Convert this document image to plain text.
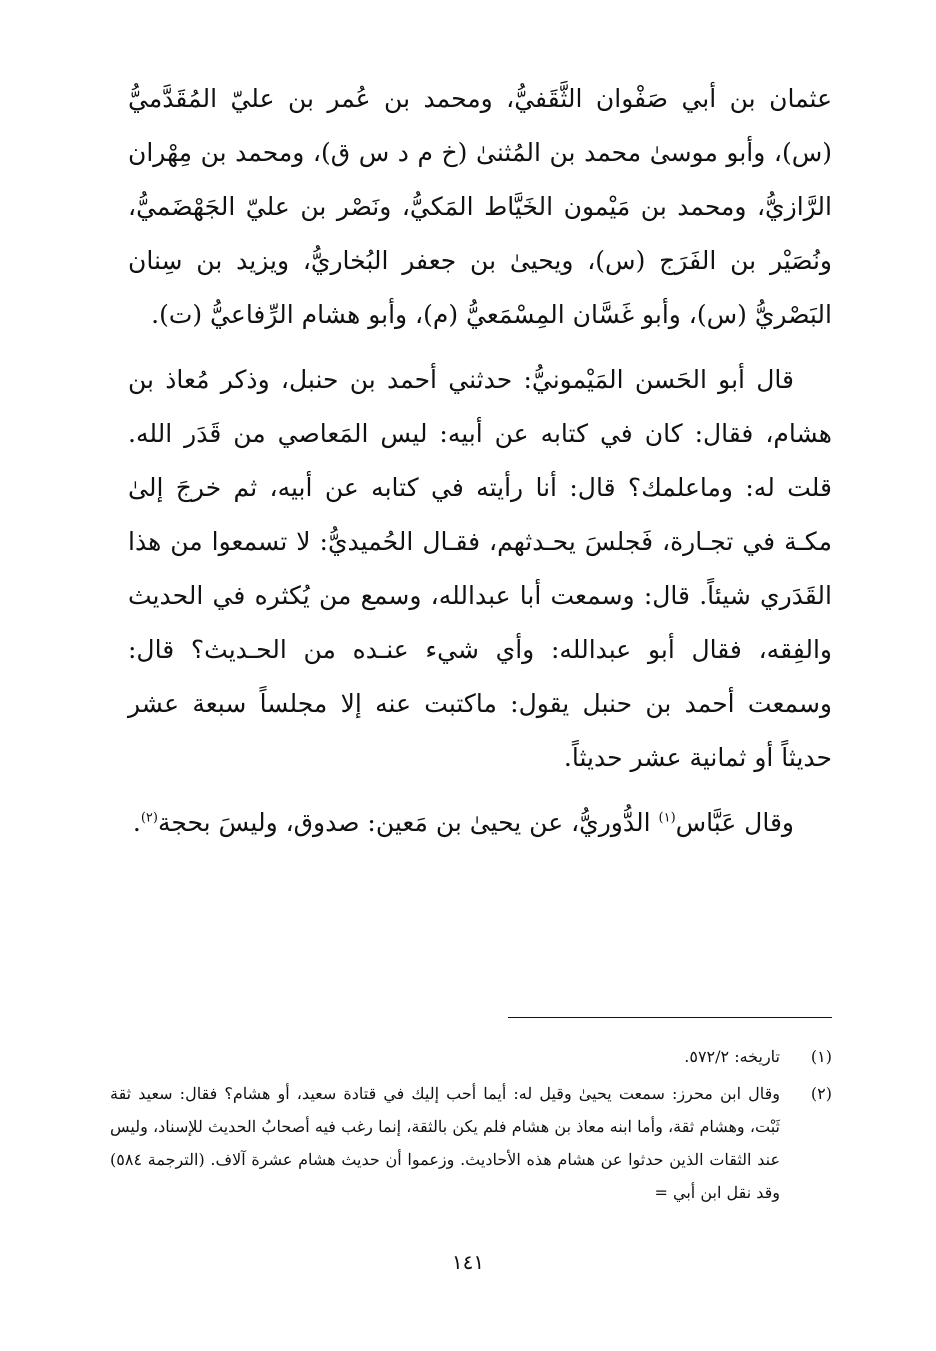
عثمان بن أبي صَفْوان الثَّقَفيُّ، ومحمد بن عُمر بن عليّ المُقَدَّميُّ (س)، وأبو موسىٰ محمد بن المُثنىٰ (خ م د س ق)، ومحمد بن مِهْران الرَّازيُّ، ومحمد بن مَيْمون الخَيَّاط المَكيُّ، ونَصْر بن عليّ الجَهْضَميُّ، ونُصَيْر بن الفَرَج (س)، ويحيىٰ بن جعفر البُخاريُّ، ويزيد بن سِنان البَصْريُّ (س)، وأبو غَسَّان المِسْمَعيُّ (م)، وأبو هشام الرِّفاعيُّ (ت).

قال أبو الحَسن المَيْمونيُّ: حدثني أحمد بن حنبل، وذكر مُعاذ بن هشام، فقال: كان في كتابه عن أبيه: ليس المَعاصي من قَدَر الله. قلت له: وماعلمك؟ قال: أنا رأيته في كتابه عن أبيه، ثم خرجَ إلىٰ مكـة في تجـارة، فَجلسَ يحـدثهم، فقـال الحُميديُّ: لا تسمعوا من هذا القَدَري شيئاً. قال: وسمعت أبا عبدالله، وسمع من يُكثره في الحديث والفِقه، فقال أبو عبدالله: وأي شيء عنـده من الحـديث؟ قال: وسمعت أحمد بن حنبل يقول: ماكتبت عنه إلا مجلساً سبعة عشر حديثاً أو ثمانية عشر حديثاً.

وقال عَبَّاس$^{(١)}$ الدُّوريُّ، عن يحيىٰ بن مَعين: صدوق، وليسَ بحجة$^{(٢)}$.

(١)
تاريخه: ٥٧٢/٢.
(٢)
وقال ابن محرز: سمعت يحيىٰ وقيل له: أيما أحب إليك في قتادة سعيد، أو هشام؟ فقال: سعيد ثقة ثَبْت، وهشام ثقة، وأما ابنه معاذ بن هشام فلم يكن بالثقة، إنما رغب فيه أصحابُ الحديث للإسناد، وليس عند الثقات الذين حدثوا عن هشام هذه الأحاديث. وزعموا أن حديث هشام عشرة آلاف. (الترجمة ٥٨٤) وقد نقل ابن أبي =
١٤١
